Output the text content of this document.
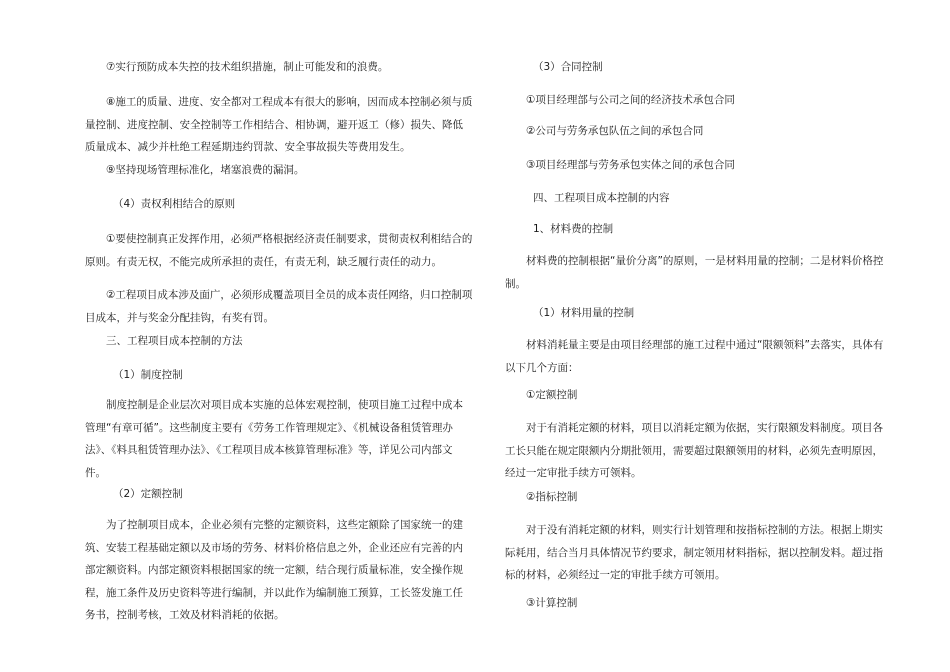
⑦实行预防成本失控的技术组织措施，制止可能发和的浪费。

⑧施工的质量、进度、安全都对工程成本有很大的影响，因而成本控制必须与质量控制、进度控制、安全控制等工作相结合、相协调，避开返工（修）损失、降低质量成本、减少并杜绝工程延期违约罚款、安全事故损失等费用发生。

⑨坚持现场管理标准化，堵塞浪费的漏洞。

（4）责权利相结合的原则

①要使控制真正发挥作用，必须严格根据经济责任制要求，贯彻责权利相结合的原则。有责无权，不能完成所承担的责任，有责无利，缺乏履行责任的动力。

②工程项目成本涉及面广，必须形成覆盖项目全员的成本责任网络，归口控制项目成本，并与奖金分配挂钩，有奖有罚。

三、工程项目成本控制的方法

（1）制度控制

制度控制是企业层次对项目成本实施的总体宏观控制，使项目施工过程中成本管理“有章可循”。这些制度主要有《劳务工作管理规定》、《机械设备租赁管理办法》、《料具租赁管理办法》、《工程项目成本核算管理标准》等，详见公司内部文件。

（2）定额控制

为了控制项目成本，企业必须有完整的定额资料，这些定额除了国家统一的建筑、安装工程基础定额以及市场的劳务、材料价格信息之外，企业还应有完善的内部定额资料。内部定额资料根据国家的统一定额，结合现行质量标准，安全操作规程，施工条件及历史资料等进行编制，并以此作为编制施工预算，工长签发施工任务书，控制考核，工效及材料消耗的依据。

（3）合同控制

①项目经理部与公司之间的经济技术承包合同

②公司与劳务承包队伍之间的承包合同

③项目经理部与劳务承包实体之间的承包合同

四、工程项目成本控制的内容

1、材料费的控制

材料费的控制根据“量价分离”的原则，一是材料用量的控制；二是材料价格控制。

（1）材料用量的控制

材料消耗量主要是由项目经理部的施工过程中通过“限额领料”去落实，具体有以下几个方面：

①定额控制

对于有消耗定额的材料，项目以消耗定额为依据，实行限额发料制度。项目各工长只能在规定限额内分期批领用，需要超过限额领用的材料，必须先查明原因，经过一定审批手续方可领料。

②指标控制

对于没有消耗定额的材料，则实行计划管理和按指标控制的方法。根据上期实际耗用，结合当月具体情况节约要求，制定领用材料指标，据以控制发料。超过指标的材料，必须经过一定的审批手续方可领用。

③计算控制
